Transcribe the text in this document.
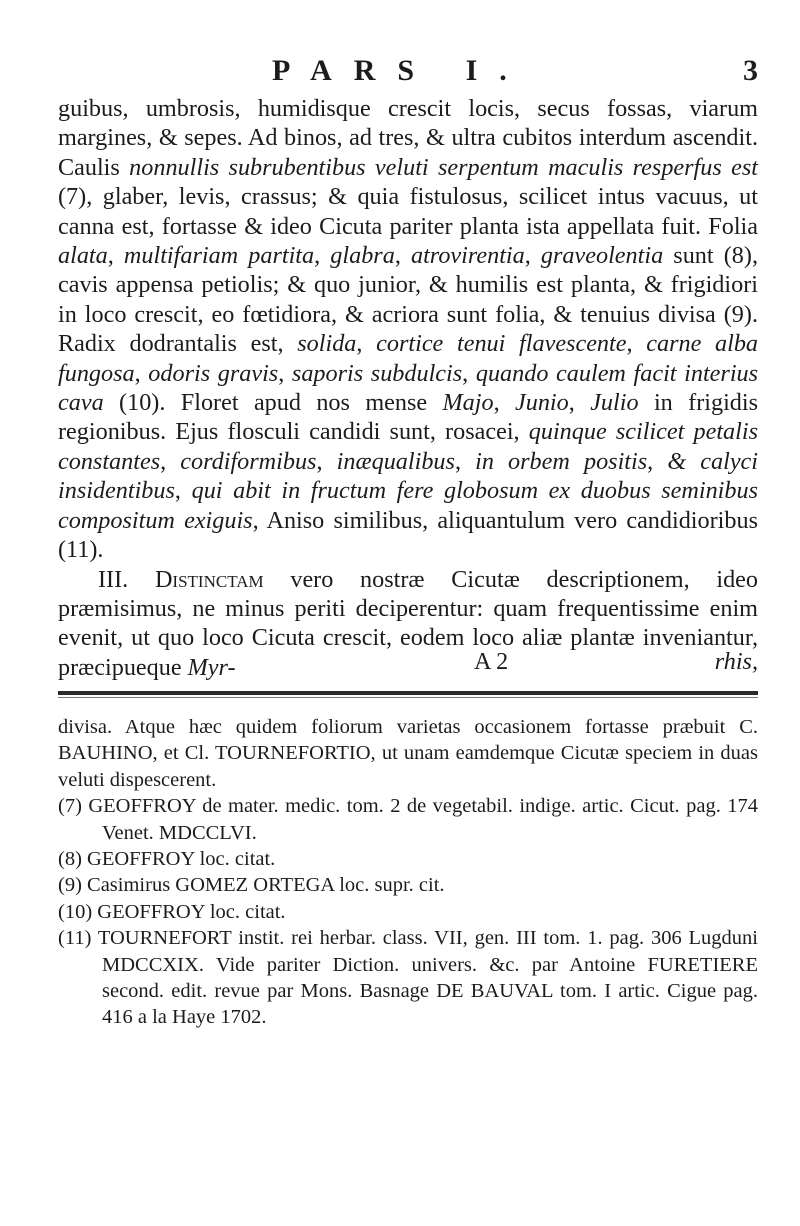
PARS I.	3

guibus, umbrosis, humidisque crescit locis, secus fossas, viarum margines, & sepes. Ad binos, ad tres, & ultra cubitos interdum ascendit. Caulis nonnullis subrubentibus veluti serpentum maculis resperfus est (7), glaber, levis, crassus; & quia fistulosus, scilicet intus vacuus, ut canna est, fortasse & ideo Cicuta pariter planta ista appellata fuit. Folia alata, multifariam partita, glabra, atrovirentia, graveolentia sunt (8), cavis appensa petiolis; & quo junior, & humilis est planta, & frigidiori in loco crescit, eo fœtidiora, & acriora sunt folia, & tenuius divisa (9). Radix dodrantalis est, solida, cortice tenui flavescente, carne alba fungosa, odoris gravis, saporis subdulcis, quando caulem facit interius cava (10). Floret apud nos mense Majo, Junio, Julio in frigidis regionibus. Ejus flosculi candidi sunt, rosacei, quinque scilicet petalis constantes, cordiformibus, inæqualibus, in orbem positis, & calyci insidentibus, qui abit in fructum fere globosum ex duobus seminibus compositum exiguis, Aniso similibus, aliquantulum vero candidioribus (11).

III. Distinctam vero nostræ Cicutæ descriptionem, ideo præmisimus, ne minus periti deciperentur: quam frequentissime enim evenit, ut quo loco Cicuta crescit, eodem loco aliæ plantæ inveniantur, præcipueque Myr-	A 2	rhis,

divisa. Atque hæc quidem foliorum varietas occasionem fortasse præbuit C. BAUHINO, et Cl. TOURNEFORTIO, ut unam eamdemque Cicutæ speciem in duas veluti dispescerent.

(7) GEOFFROY de mater. medic. tom. 2 de vegetabil. indige. artic. Cicut. pag. 174 Venet. MDCCLVI.

(8) GEOFFROY loc. citat.

(9) Casimirus GOMEZ ORTEGA loc. supr. cit.

(10) GEOFFROY loc. citat.

(11) TOURNEFORT instit. rei herbar. class. VII, gen. III tom. 1. pag. 306 Lugduni MDCCXIX. Vide pariter Diction. univers. &c. par Antoine FURETIERE second. edit. revue par Mons. Basnage DE BAUVAL tom. I artic. Cigue pag. 416 a la Haye 1702.
